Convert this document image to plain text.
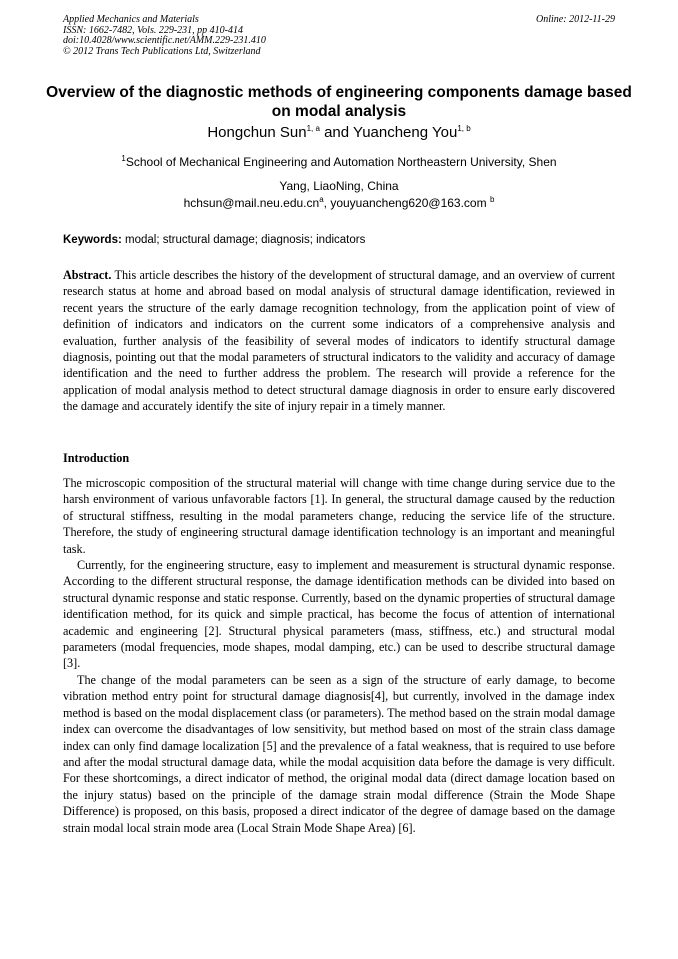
Applied Mechanics and Materials
ISSN: 1662-7482, Vols. 229-231, pp 410-414
doi:10.4028/www.scientific.net/AMM.229-231.410
© 2012 Trans Tech Publications Ltd, Switzerland
Online: 2012-11-29
Overview of the diagnostic methods of engineering components damage based on modal analysis
Hongchun Sun$^{1, a}$ and Yuancheng You$^{1, b}$
$^1$School of Mechanical Engineering and Automation Northeastern University, Shen
Yang, LiaoNing, China
$hchsun@mail.neu.edu.cn^a$, youyuancheng620@163.com $^b$
Keywords: modal; structural damage; diagnosis; indicators
Abstract. This article describes the history of the development of structural damage, and an overview of current research status at home and abroad based on modal analysis of structural damage identification, reviewed in recent years the structure of the early damage recognition technology, from the application point of view of definition of indicators and indicators on the current some indicators of a comprehensive analysis and evaluation, further analysis of the feasibility of several modes of indicators to identify structural damage diagnosis, pointing out that the modal parameters of structural indicators to the validity and accuracy of damage identification and the need to further address the problem. The research will provide a reference for the application of modal analysis method to detect structural damage diagnosis in order to ensure early discovered the damage and accurately identify the site of injury repair in a timely manner.
Introduction

The microscopic composition of the structural material will change with time change during service due to the harsh environment of various unfavorable factors [1]. In general, the structural damage caused by the reduction of structural stiffness, resulting in the modal parameters change, reducing the service life of the structure. Therefore, the study of engineering structural damage identification technology is an important and meaningful task.

Currently, for the engineering structure, easy to implement and measurement is structural dynamic response. According to the different structural response, the damage identification methods can be divided into based on structural dynamic response and static response. Currently, based on the dynamic properties of structural damage identification method, for its quick and simple practical, has become the focus of attention of international academic and engineering [2]. Structural physical parameters (mass, stiffness, etc.) and structural modal parameters (modal frequencies, mode shapes, modal damping, etc.) can be used to describe structural damage [3].

The change of the modal parameters can be seen as a sign of the structure of early damage, to become vibration method entry point for structural damage diagnosis[4], but currently, involved in the damage index method is based on the modal displacement class (or parameters). The method based on the strain modal damage index can overcome the disadvantages of low sensitivity, but method based on most of the strain class damage index can only find damage localization [5] and the prevalence of a fatal weakness, that is required to use before and after the modal structural damage data, while the modal acquisition data before the damage is very difficult. For these shortcomings, a direct indicator of method, the original modal data (direct damage location based on the injury status) based on the principle of the damage strain modal difference (Strain the Mode Shape Difference) is proposed, on this basis, proposed a direct indicator of the degree of damage based on the damage strain modal local strain mode area (Local Strain Mode Shape Area) [6].
